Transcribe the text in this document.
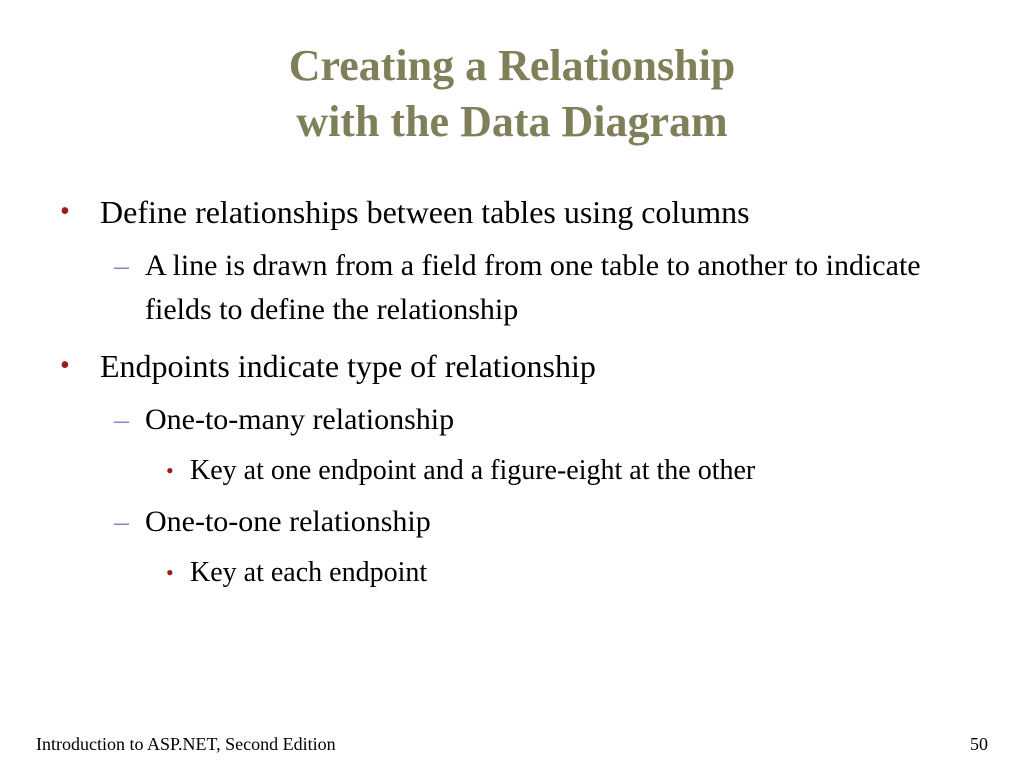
Creating a Relationship
with the Data Diagram
• Define relationships between tables using columns
– A line is drawn from a field from one table to another to indicate fields to define the relationship
• Endpoints indicate type of relationship
– One-to-many relationship
• Key at one endpoint and a figure-eight at the other
– One-to-one relationship
• Key at each endpoint
Introduction to ASP.NET, Second Edition	50
